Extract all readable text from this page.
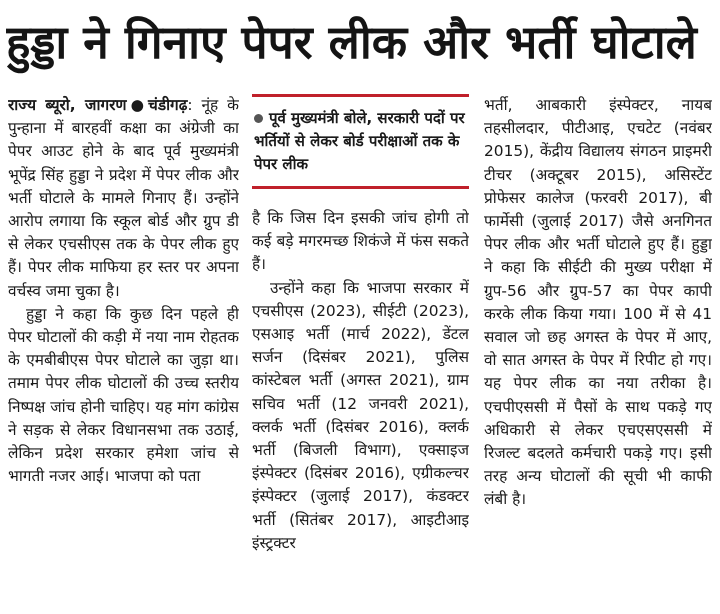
हुड्डा ने गिनाए पेपर लीक और भर्ती घोटाले

राज्य ब्यूरो, जागरण●चंडीगढ़: नूंह के पुन्हाना में बारहवीं कक्षा का अंग्रेजी का पेपर आउट होने के बाद पूर्व मुख्यमंत्री भूपेंद्र सिंह हुड्डा ने प्रदेश में पेपर लीक और भर्ती घोटाले के मामले गिनाए हैं। उन्होंने आरोप लगाया कि स्कूल बोर्ड और ग्रुप डी से लेकर एचसीएस तक के पेपर लीक हुए हैं। पेपर लीक माफिया हर स्तर पर अपना वर्चस्व जमा चुका है।

हुड्डा ने कहा कि कुछ दिन पहले ही पेपर घोटालों की कड़ी में नया नाम रोहतक के एमबीबीएस पेपर घोटाले का जुड़ा था। तमाम पेपर लीक घोटालों की उच्च स्तरीय निष्पक्ष जांच होनी चाहिए। यह मांग कांग्रेस ने सड़क से लेकर विधानसभा तक उठाई, लेकिन प्रदेश सरकार हमेशा जांच से भागती नजर आई। भाजपा को पता

पूर्व मुख्यमंत्री बोले, सरकारी पदों पर भर्तियों से लेकर बोर्ड परीक्षाओं तक के पेपर लीक

है कि जिस दिन इसकी जांच होगी तो कई बड़े मगरमच्छ शिकंजे में फंस सकते हैं।

उन्होंने कहा कि भाजपा सरकार में एचसीएस (2023), सीईटी (2023), एसआइ भर्ती (मार्च 2022), डेंटल सर्जन (दिसंबर 2021), पुलिस कांस्टेबल भर्ती (अगस्त 2021), ग्राम सचिव भर्ती (12 जनवरी 2021), क्लर्क भर्ती (दिसंबर 2016), क्लर्क भर्ती (बिजली विभाग), एक्साइज इंस्पेक्टर (दिसंबर 2016), एग्रीकल्चर इंस्पेक्टर (जुलाई 2017), कंडक्टर भर्ती (सितंबर 2017), आइटीआइ इंस्ट्रक्टर

भर्ती, आबकारी इंस्पेक्टर, नायब तहसीलदार, पीटीआइ, एचटेट (नवंबर 2015), केंद्रीय विद्यालय संगठन प्राइमरी टीचर (अक्टूबर 2015), असिस्टेंट प्रोफेसर कालेज (फरवरी 2017), बी फार्मेसी (जुलाई 2017) जैसे अनगिनत पेपर लीक और भर्ती घोटाले हुए हैं। हुड्डा ने कहा कि सीईटी की मुख्य परीक्षा में ग्रुप-56 और ग्रुप-57 का पेपर कापी करके लीक किया गया। 100 में से 41 सवाल जो छह अगस्त के पेपर में आए, वो सात अगस्त के पेपर में रिपीट हो गए। यह पेपर लीक का नया तरीका है। एचपीएससी में पैसों के साथ पकड़े गए अधिकारी से लेकर एचएसएससी में रिजल्ट बदलते कर्मचारी पकड़े गए। इसी तरह अन्य घोटालों की सूची भी काफी लंबी है।
